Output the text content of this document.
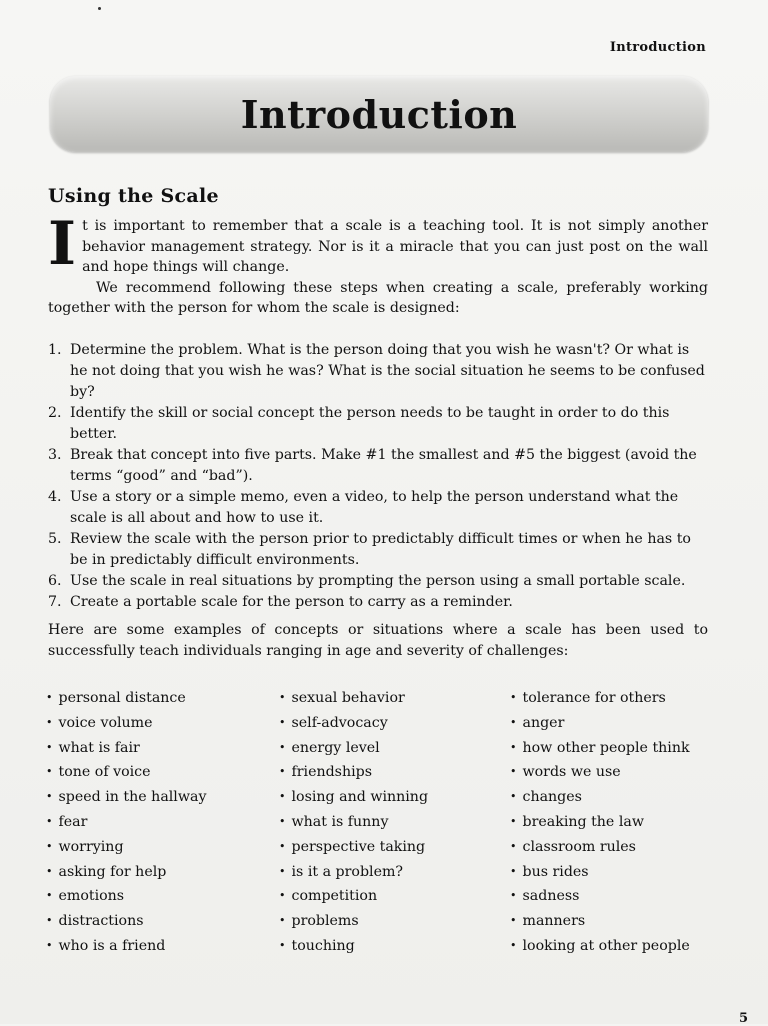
Introduction
Introduction
Using the Scale
I t is important to remember that a scale is a teaching tool. It is not simply another behavior management strategy. Nor is it a miracle that you can just post on the wall and hope things will change.

We recommend following these steps when creating a scale, preferably working together with the person for whom the scale is designed:

1. Determine the problem. What is the person doing that you wish he wasn't? Or what is he not doing that you wish he was? What is the social situation he seems to be confused by?
2. Identify the skill or social concept the person needs to be taught in order to do this better.
3. Break that concept into five parts. Make #1 the smallest and #5 the biggest (avoid the terms “good” and “bad”).
4. Use a story or a simple memo, even a video, to help the person understand what the scale is all about and how to use it.
5. Review the scale with the person prior to predictably difficult times or when he has to be in predictably difficult environments.
6. Use the scale in real situations by prompting the person using a small portable scale.
7. Create a portable scale for the person to carry as a reminder.

Here are some examples of concepts or situations where a scale has been used to successfully teach individuals ranging in age and severity of challenges:

• personal distance
• voice volume
• what is fair
• tone of voice
• speed in the hallway
• fear
• worrying
• asking for help
• emotions
• distractions
• who is a friend
• sexual behavior
• self-advocacy
• energy level
• friendships
• losing and winning
• what is funny
• perspective taking
• is it a problem?
• competition
• problems
• touching
• tolerance for others
• anger
• how other people think
• words we use
• changes
• breaking the law
• classroom rules
• bus rides
• sadness
• manners
• looking at other people
5
